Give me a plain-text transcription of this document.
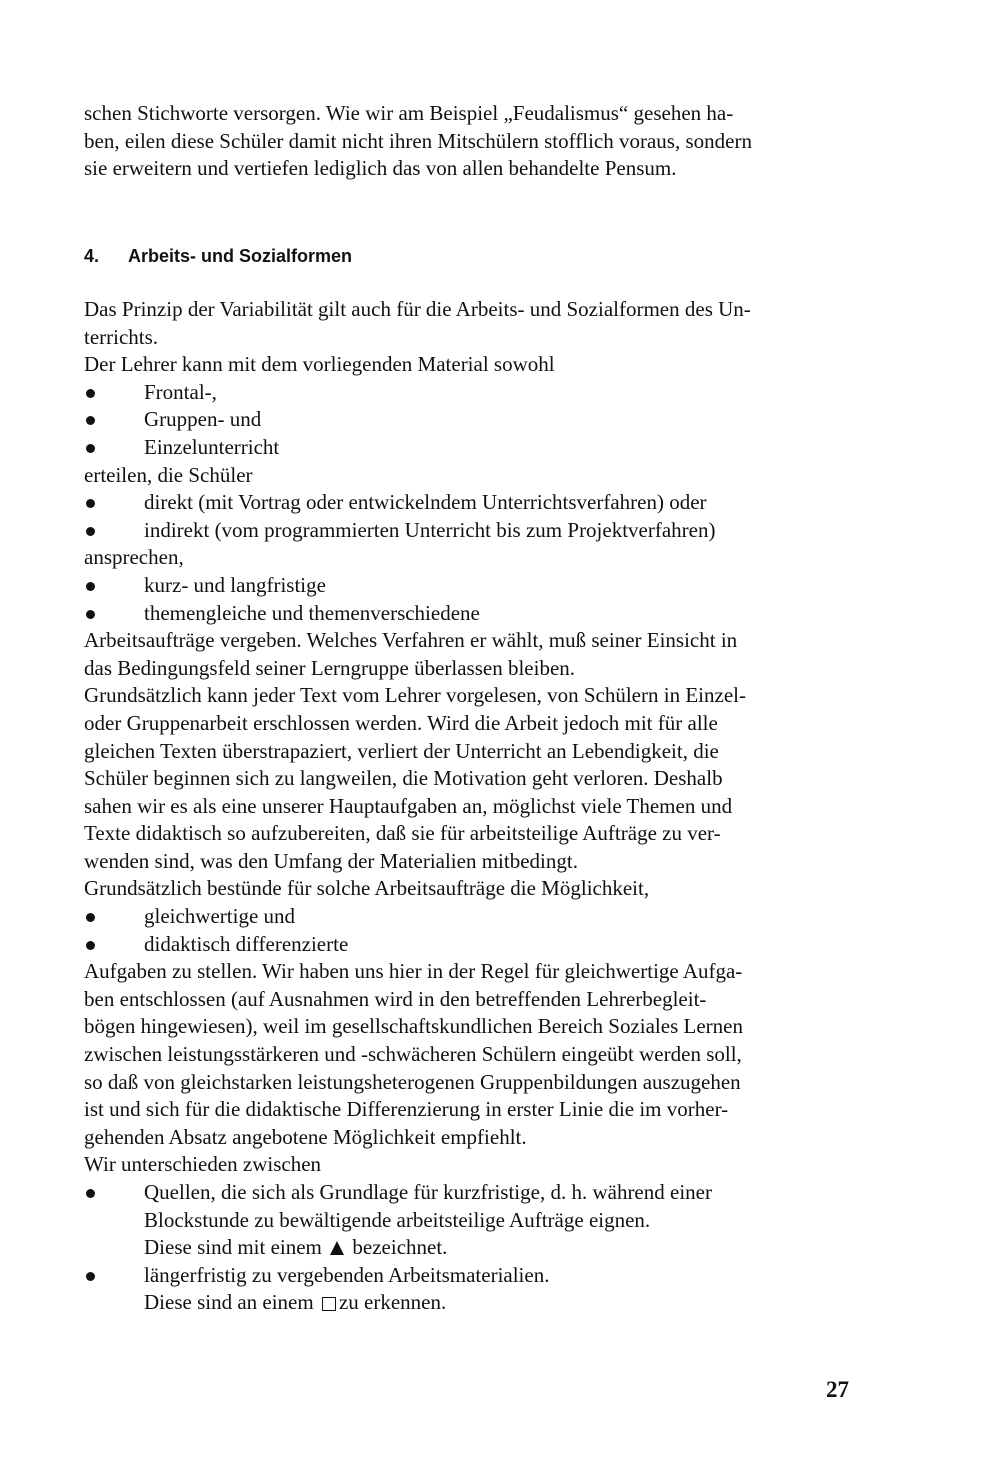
schen Stichworte versorgen. Wie wir am Beispiel „Feudalismus“ gesehen ha-
ben, eilen diese Schüler damit nicht ihren Mitschülern stofflich voraus, sondern
sie erweitern und vertiefen lediglich das von allen behandelte Pensum.
4. Arbeits- und Sozialformen
Das Prinzip der Variabilität gilt auch für die Arbeits- und Sozialformen des Un-
terrichts.
Der Lehrer kann mit dem vorliegenden Material sowohl
Frontal-,
Gruppen- und
Einzelunterricht
erteilen, die Schüler
direkt (mit Vortrag oder entwickelndem Unterrichtsverfahren) oder
indirekt (vom programmierten Unterricht bis zum Projektverfahren)
ansprechen,
kurz- und langfristige
themengleiche und themenverschiedene
Arbeitsaufträge vergeben. Welches Verfahren er wählt, muß seiner Einsicht in
das Bedingungsfeld seiner Lerngruppe überlassen bleiben.
Grundsätzlich kann jeder Text vom Lehrer vorgelesen, von Schülern in Einzel-
oder Gruppenarbeit erschlossen werden. Wird die Arbeit jedoch mit für alle
gleichen Texten überstrapaziert, verliert der Unterricht an Lebendigkeit, die
Schüler beginnen sich zu langweilen, die Motivation geht verloren. Deshalb
sahen wir es als eine unserer Hauptaufgaben an, möglichst viele Themen und
Texte didaktisch so aufzubereiten, daß sie für arbeitsteilige Aufträge zu ver-
wenden sind, was den Umfang der Materialien mitbedingt.
Grundsätzlich bestünde für solche Arbeitsaufträge die Möglichkeit,
gleichwertige und
didaktisch differenzierte
Aufgaben zu stellen. Wir haben uns hier in der Regel für gleichwertige Aufga-
ben entschlossen (auf Ausnahmen wird in den betreffenden Lehrerbegleit-
bögen hingewiesen), weil im gesellschaftskundlichen Bereich Soziales Lernen
zwischen leistungsstärkeren und -schwächeren Schülern eingeübt werden soll,
so daß von gleichstarken leistungsheterogenen Gruppenbildungen auszugehen
ist und sich für die didaktische Differenzierung in erster Linie die im vorher-
gehenden Absatz angebotene Möglichkeit empfiehlt.
Wir unterschieden zwischen
Quellen, die sich als Grundlage für kurzfristige, d. h. während einer
Blockstunde zu bewältigende arbeitsteilige Aufträge eignen.
Diese sind mit einem bezeichnet.
längerfristig zu vergebenden Arbeitsmaterialien.
Diese sind an einem zu erkennen.
27
